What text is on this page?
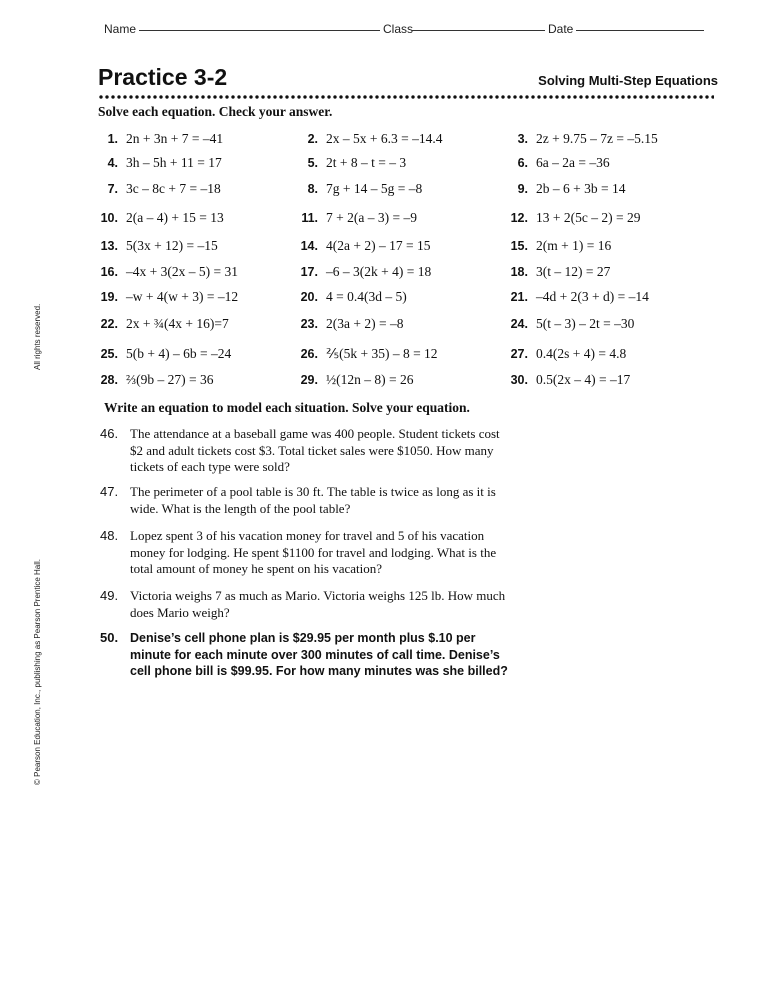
Name	Class	Date
Practice 3-2	Solving Multi-Step Equations
Solve each equation. Check your answer.
1. 2n + 3n + 7 = –41	2. 2x – 5x + 6.3 = –14.4	3. 2z + 9.75 – 7z = –5.15
4. 3h – 5h + 11 = 17	5. 2t + 8 – t = – 3	6. 6a – 2a = –36
7. 3c – 8c + 7 = –18	8. 7g + 14 – 5g = –8	9. 2b – 6 + 3b = 14
10. 2(a – 4) + 15 = 13	11. 7 + 2(a – 3) = –9	12. 13 + 2(5c – 2) = 29
13. 5(3x + 12) = –15	14. 4(2a + 2) – 17 = 15	15. 2(m + 1) = 16
16. –4x + 3(2x – 5) = 31	17. –6 – 3(2k + 4) = 18	18. 3(t – 12) = 27
19. –w + 4(w + 3) = –12	20. 4 = 0.4(3d – 5)	21. –4d + 2(3 + d) = –14
22. 2x + ¾(4x + 16)=7	23. 2(3a + 2) = –8	24. 5(t – 3) – 2t = –30
25. 5(b + 4) – 6b = –24	26. ⅖(5k + 35) – 8 = 12	27. 0.4(2s + 4) = 4.8
28. ⅔(9b – 27) = 36	29. ½(12n – 8) = 26	30. 0.5(2x – 4) = –17
Write an equation to model each situation. Solve your equation.
46. The attendance at a baseball game was 400 people. Student tickets cost $2 and adult tickets cost $3. Total ticket sales were $1050. How many tickets of each type were sold?
47. The perimeter of a pool table is 30 ft. The table is twice as long as it is wide. What is the length of the pool table?
48. Lopez spent 3 of his vacation money for travel and 5 of his vacation money for lodging. He spent $1100 for travel and lodging. What is the total amount of money he spent on his vacation?
49. Victoria weighs 7 as much as Mario. Victoria weighs 125 lb. How much does Mario weigh?
50. Denise’s cell phone plan is $29.95 per month plus $.10 per minute for each minute over 300 minutes of call time. Denise’s cell phone bill is $99.95. For how many minutes was she billed?
All rights reserved.
© Pearson Education, Inc., publishing as Pearson Prentice Hall.
